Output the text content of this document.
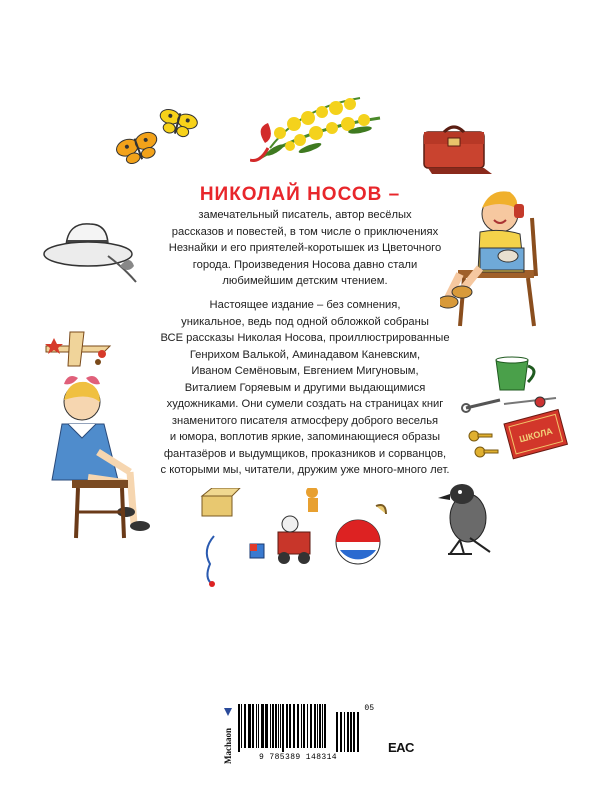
ШКОЛА
НИКОЛАЙ НОСОВ –
замечательный писатель, автор весёлых
рассказов и повестей, в том числе о приключениях
Незнайки и его приятелей-коротышек из Цветочного
города. Произведения Носова давно стали
любимейшим детским чтением.
Настоящее издание – без сомнения,
уникальное, ведь под одной обложкой собраны
ВСЕ рассказы Николая Носова, проиллюстрированные
Генрихом Валькой, Аминадавом Каневским,
Иваном Семёновым, Евгением Мигуновым,
Виталием Горяевым и другими выдающимися
художниками. Они сумели создать на страницах книг
знаменитого писателя атмосферу доброго веселья
и юмора, воплотив яркие, запоминающиеся образы
фантазёров и выдумщиков, проказников и сорванцов,
с которыми мы, читатели, дружим уже много-много лет.
Machaon	9 785389 148314
05
EAC
